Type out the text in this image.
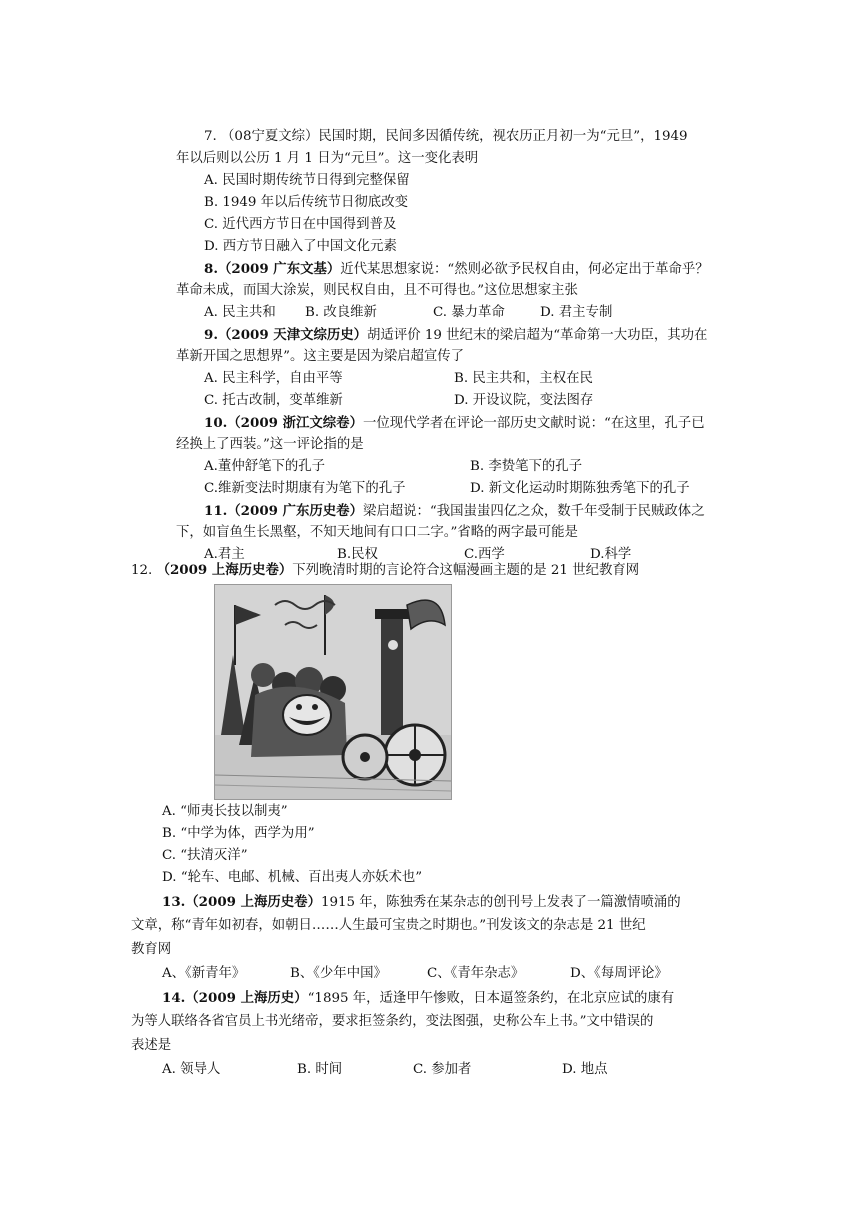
7. （08宁夏文综）民国时期，民间多因循传统，视农历正月初一为“元旦”，1949
年以后则以公历 1 月 1 日为“元旦”。这一变化表明
A. 民国时期传统节日得到完整保留
B. 1949 年以后传统节日彻底改变
C. 近代西方节日在中国得到普及
D. 西方节日融入了中国文化元素
8.（2009 广东文基）近代某思想家说：“然则必欲予民权自由，何必定出于革命乎？
革命未成，而国大涂炭，则民权自由，且不可得也。”这位思想家主张
A. 民主共和 B. 改良维新	C. 暴力革命	D. 君主专制
9.（2009 天津文综历史）胡适评价 19 世纪末的梁启超为“革命第一大功臣，其功在
革新开国之思想界”。这主要是因为梁启超宣传了
A. 民主科学，自由平等	B. 民主共和，主权在民
C. 托古改制，变革维新	D. 开设议院，变法图存
10.（2009 浙江文综卷）一位现代学者在评论一部历史文献时说：“在这里，孔子已
经换上了西装。”这一评论指的是
A.董仲舒笔下的孔子	B. 李贽笔下的孔子
C.维新变法时期康有为笔下的孔子	D. 新文化运动时期陈独秀笔下的孔子
11.（2009 广东历史卷）梁启超说：“我国蚩蚩四亿之众，数千年受制于民贼政体之
下，如盲鱼生长黑壑，不知天地间有口口二字。”省略的两字最可能是
A.君主	B.民权	C.西学	D.科学
12. （2009 上海历史卷）下列晚清时期的言论符合这幅漫画主题的是 21 世纪教育网
A. “师夷长技以制夷”
B. “中学为体，西学为用”
C. “扶清灭洋”
D. “轮车、电邮、机械、百出夷人亦妖术也”
13.（2009 上海历史卷）1915 年，陈独秀在某杂志的创刊号上发表了一篇激情喷涌的
文章，称“青年如初春，如朝日……人生最可宝贵之时期也。”刊发该文的杂志是 21 世纪
教育网
A、《新青年》	B、《少年中国》	C、《青年杂志》	D、《每周评论》
14.（2009 上海历史）“1895 年，适逢甲午惨败，日本逼签条约，在北京应试的康有
为等人联络各省官员上书光绪帝，要求拒签条约，变法图强，史称公车上书。”文中错误的
表述是
A. 领导人	B. 时间	C. 参加者	D. 地点
